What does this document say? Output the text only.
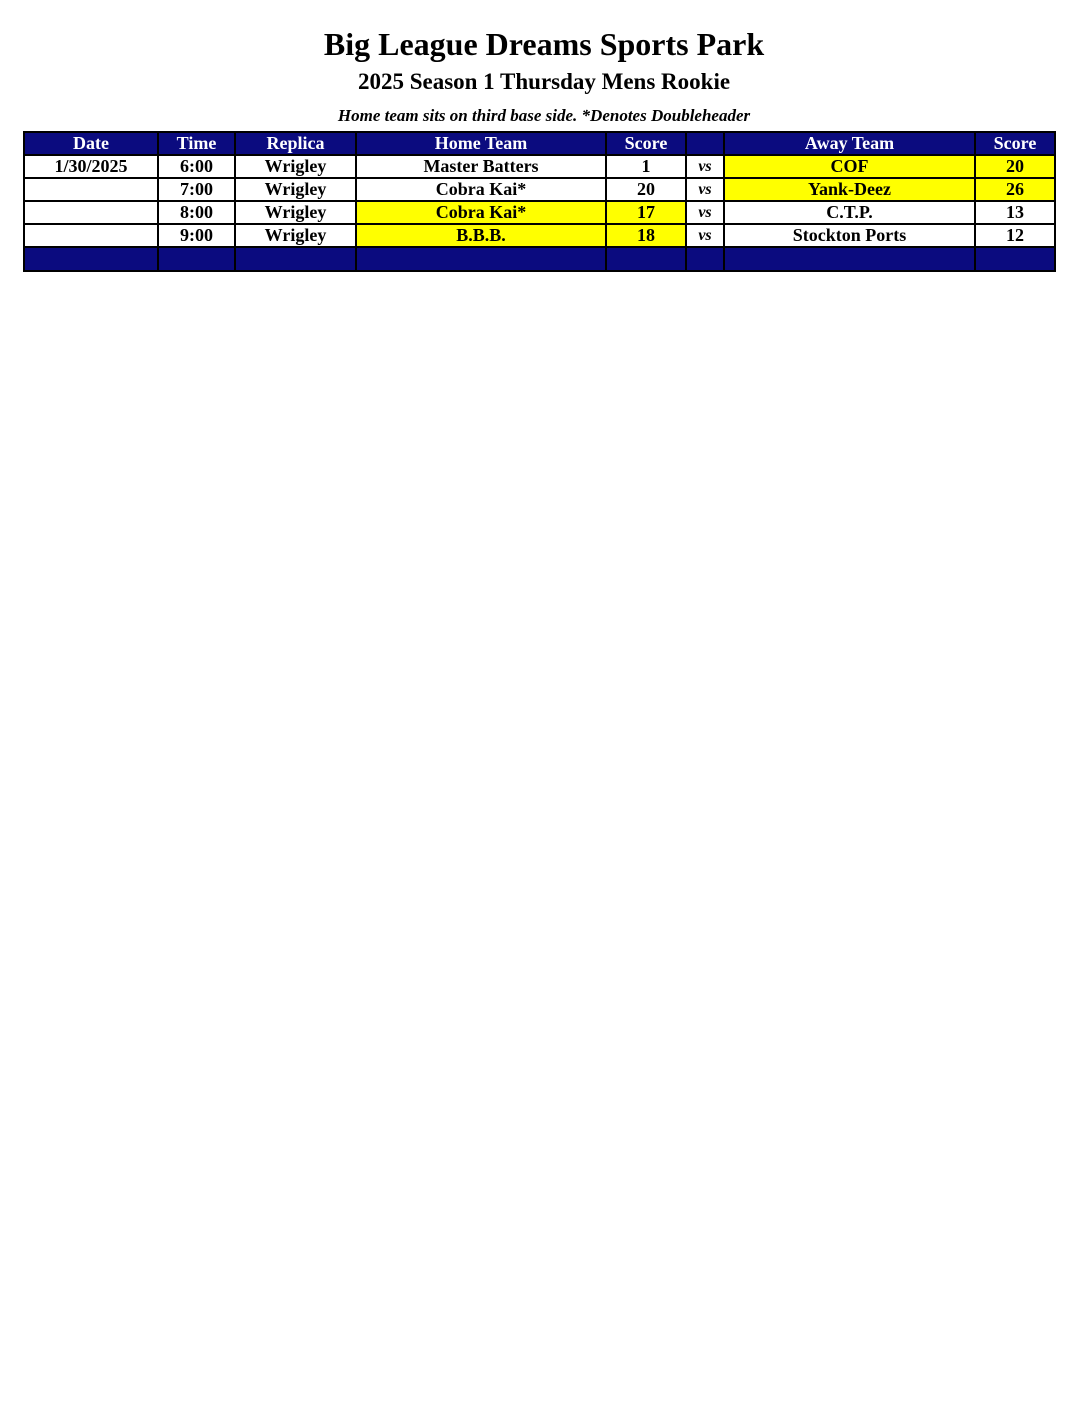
Big League Dreams Sports Park
2025 Season 1 Thursday Mens Rookie
Home team sits on third base side. *Denotes Doubleheader
Date	Time	Replica	Home Team	Score		Away Team	Score
1/30/2025	6:00	Wrigley	Master Batters	1	vs	COF	20
	7:00	Wrigley	Cobra Kai*	20	vs	Yank-Deez	26
	8:00	Wrigley	Cobra Kai*	17	vs	C.T.P.	13
	9:00	Wrigley	B.B.B.	18	vs	Stockton Ports	12
